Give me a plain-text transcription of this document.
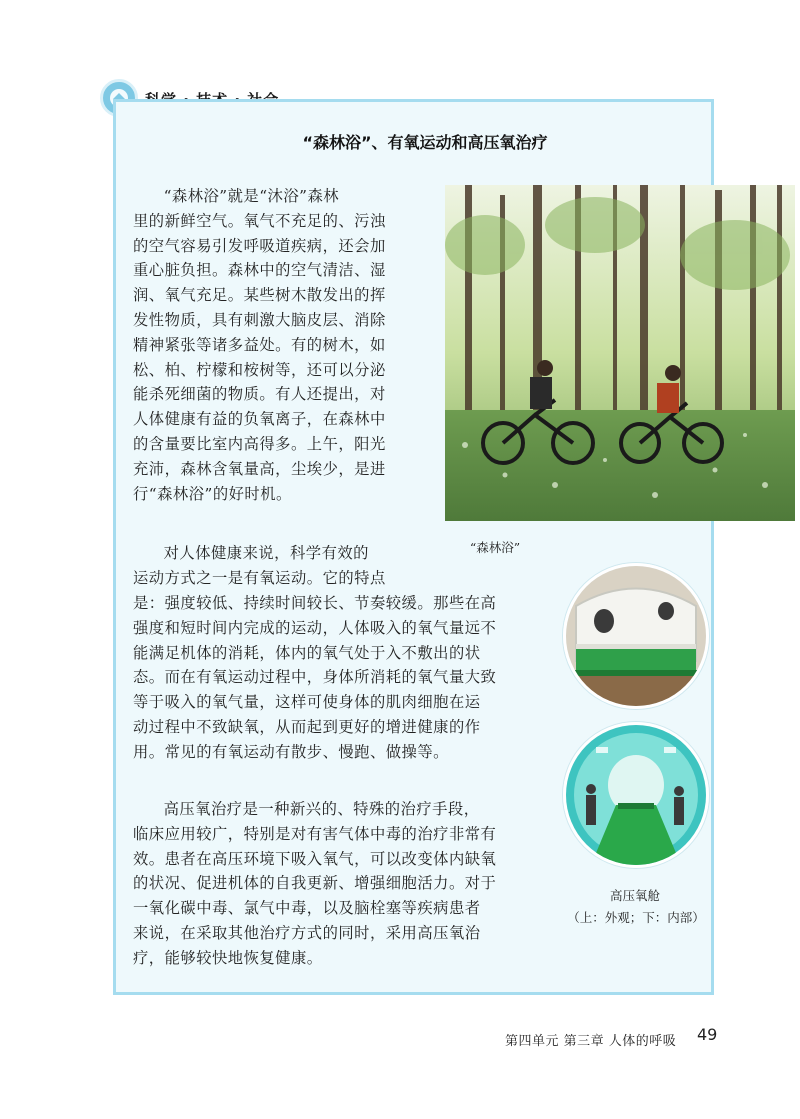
“森林浴”、有氧运动和高压氧治疗
“森林浴”就是“沐浴”森林
里的新鲜空气。氧气不充足的、污浊
的空气容易引发呼吸道疾病，还会加
重心脏负担。森林中的空气清洁、湿
润、氧气充足。某些树木散发出的挥
发性物质，具有刺激大脑皮层、消除
精神紧张等诸多益处。有的树木，如
松、柏、柠檬和桉树等，还可以分泌
能杀死细菌的物质。有人还提出，对
人体健康有益的负氧离子，在森林中
的含量要比室内高得多。上午，阳光
充沛，森林含氧量高，尘埃少，是进
行“森林浴”的好时机。
对人体健康来说，科学有效的
运动方式之一是有氧运动。它的特点
是：强度较低、持续时间较长、节奏较缓。那些在高
强度和短时间内完成的运动，人体吸入的氧气量远不
能满足机体的消耗，体内的氧气处于入不敷出的状
态。而在有氧运动过程中，身体所消耗的氧气量大致
等于吸入的氧气量，这样可使身体的肌肉细胞在运
动过程中不致缺氧，从而起到更好的增进健康的作
用。常见的有氧运动有散步、慢跑、做操等。
高压氧治疗是一种新兴的、特殊的治疗手段，
临床应用较广，特别是对有害气体中毒的治疗非常有
效。患者在高压环境下吸入氧气，可以改变体内缺氧
的状况、促进机体的自我更新、增强细胞活力。对于
一氧化碳中毒、氯气中毒，以及脑栓塞等疾病患者
来说，在采取其他治疗方式的同时，采用高压氧治
疗，能够较快地恢复健康。
“森林浴”
高压氧舱
（上：外观；下：内部）
第四单元 第三章 人体的呼吸 49
